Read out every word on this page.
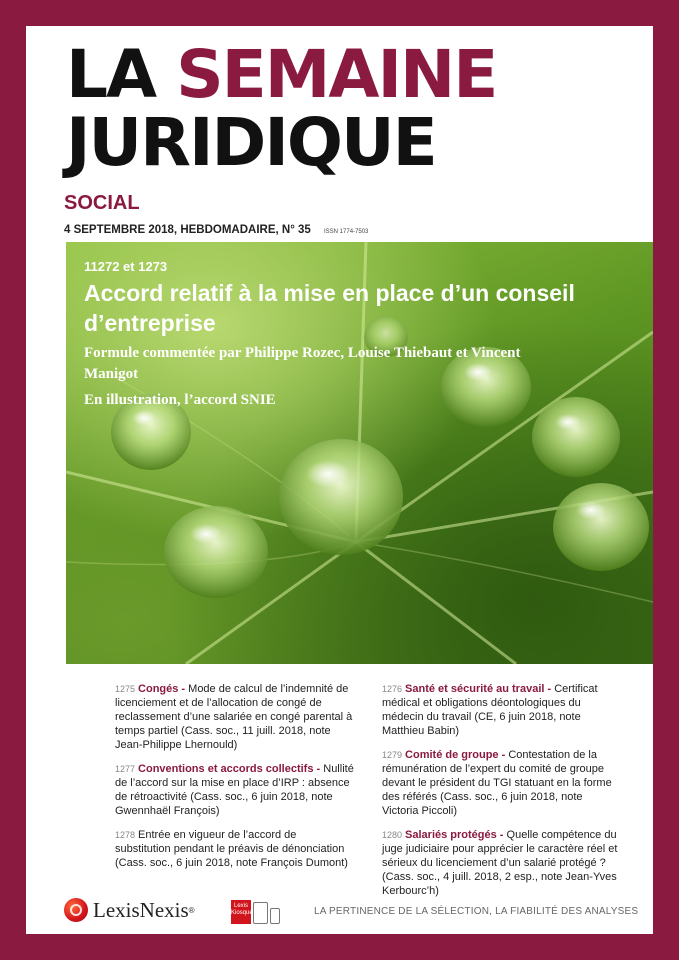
LA SEMAINE
JURIDIQUE
SOCIAL
4 SEPTEMBRE 2018, HEBDOMADAIRE, N° 35 ISSN 1774-7503
11272 et 1273
Accord relatif à la mise en place d’un conseil d’entreprise
Formule commentée par Philippe Rozec, Louise Thiebaut et Vincent Manigot
En illustration, l’accord SNIE
1275 Congés - Mode de calcul de l’indemnité de licenciement et de l’allocation de congé de reclassement d’une salariée en congé parental à temps partiel (Cass. soc., 11 juill. 2018, note Jean-Philippe Lhernould)
1277 Conventions et accords collectifs - Nullité de l’accord sur la mise en place d’IRP : absence de rétroactivité (Cass. soc., 6 juin 2018, note Gwennhaël François)
1278 Entrée en vigueur de l’accord de substitution pendant le préavis de dénonciation (Cass. soc., 6 juin 2018, note François Dumont)
1276 Santé et sécurité au travail - Certificat médical et obligations déontologiques du médecin du travail (CE, 6 juin 2018, note Matthieu Babin)
1279 Comité de groupe - Contestation de la rémunération de l’expert du comité de groupe devant le président du TGI statuant en la forme des référés (Cass. soc., 6 juin 2018, note Victoria Piccoli)
1280 Salariés protégés - Quelle compétence du juge judiciaire pour apprécier le caractère réel et sérieux du licenciement d’un salarié protégé ? (Cass. soc., 4 juill. 2018, 2 esp., note Jean-Yves Kerbourc’h)
LexisNexis ®	Lexis
Kiosque	LA PERTINENCE DE LA SÉLECTION, LA FIABILITÉ DES ANALYSES
